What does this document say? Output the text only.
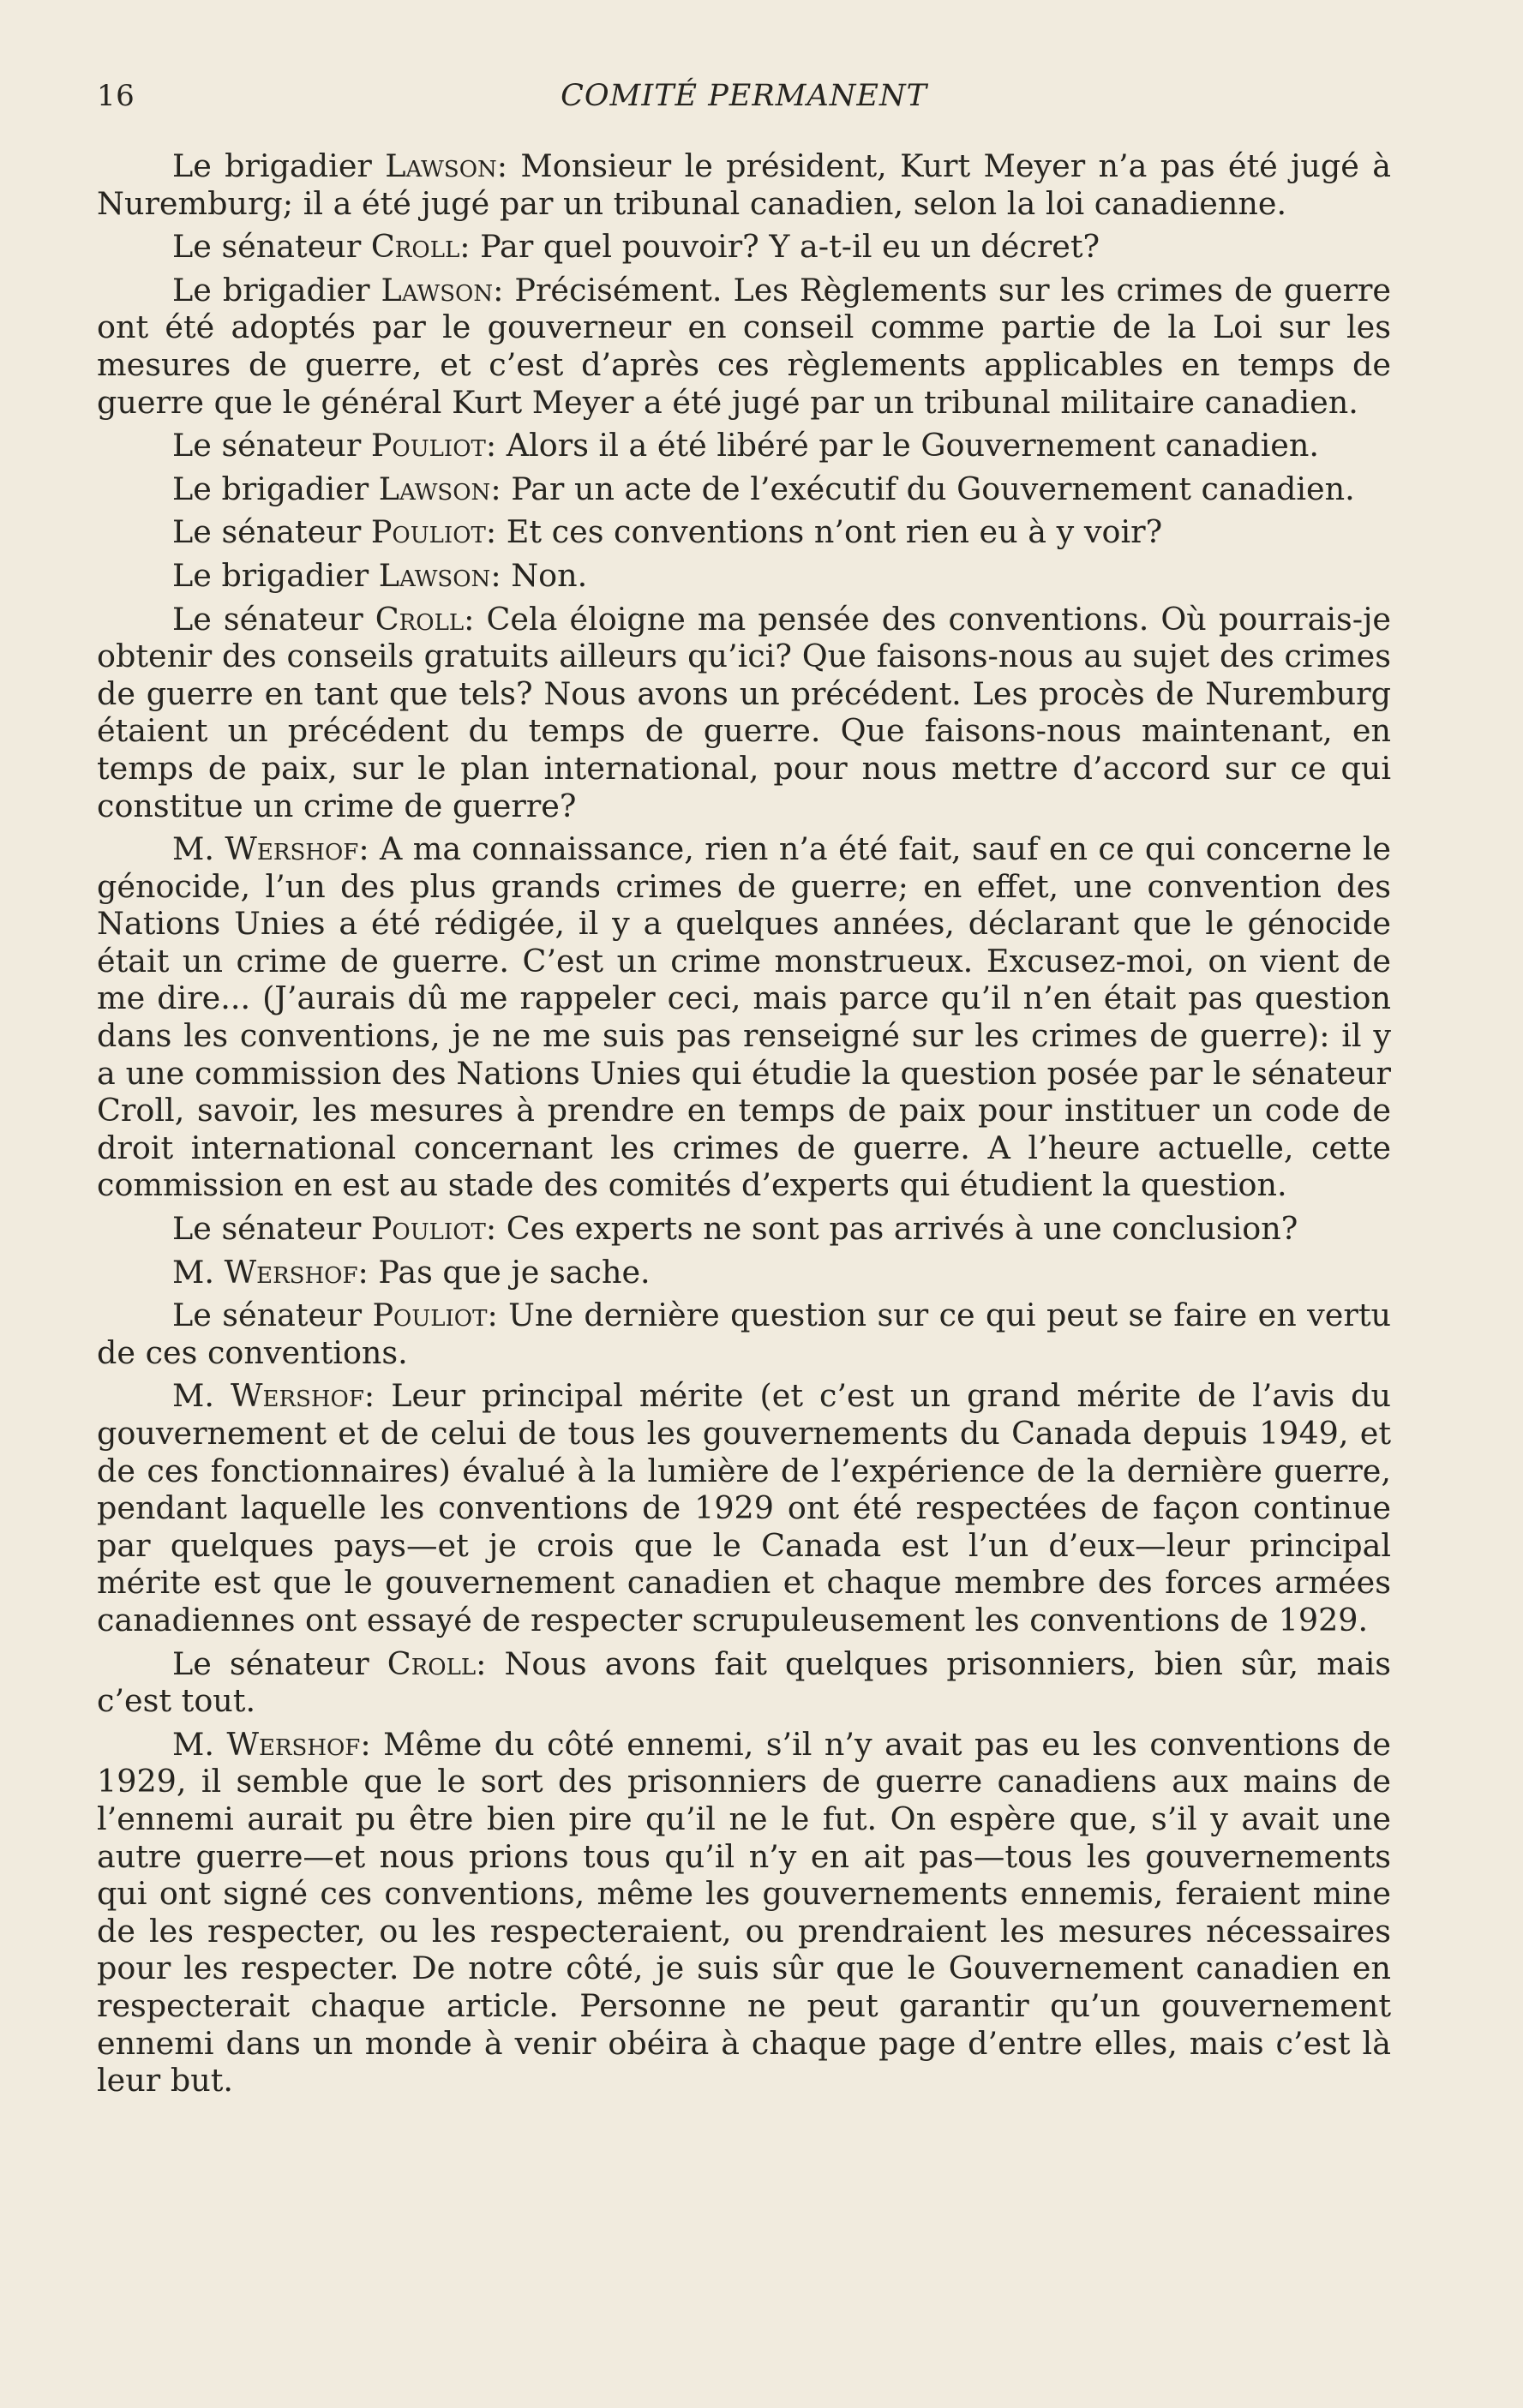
16	COMITÉ PERMANENT

Le brigadier Lawson: Monsieur le président, Kurt Meyer n’a pas été jugé à Nuremburg; il a été jugé par un tribunal canadien, selon la loi canadienne.

Le sénateur Croll: Par quel pouvoir? Y a-t-il eu un décret?

Le brigadier Lawson: Précisément. Les Règlements sur les crimes de guerre ont été adoptés par le gouverneur en conseil comme partie de la Loi sur les mesures de guerre, et c’est d’après ces règlements applicables en temps de guerre que le général Kurt Meyer a été jugé par un tribunal militaire canadien.

Le sénateur Pouliot: Alors il a été libéré par le Gouvernement canadien.

Le brigadier Lawson: Par un acte de l’exécutif du Gouvernement canadien.

Le sénateur Pouliot: Et ces conventions n’ont rien eu à y voir?

Le brigadier Lawson: Non.

Le sénateur Croll: Cela éloigne ma pensée des conventions. Où pourrais-je obtenir des conseils gratuits ailleurs qu’ici? Que faisons-nous au sujet des crimes de guerre en tant que tels? Nous avons un précédent. Les procès de Nuremburg étaient un précédent du temps de guerre. Que faisons-nous maintenant, en temps de paix, sur le plan international, pour nous mettre d’accord sur ce qui constitue un crime de guerre?

M. Wershof: A ma connaissance, rien n’a été fait, sauf en ce qui concerne le génocide, l’un des plus grands crimes de guerre; en effet, une convention des Nations Unies a été rédigée, il y a quelques années, déclarant que le génocide était un crime de guerre. C’est un crime monstrueux. Excusez-moi, on vient de me dire... (J’aurais dû me rappeler ceci, mais parce qu’il n’en était pas question dans les conventions, je ne me suis pas renseigné sur les crimes de guerre): il y a une commission des Nations Unies qui étudie la question posée par le sénateur Croll, savoir, les mesures à prendre en temps de paix pour instituer un code de droit international concernant les crimes de guerre. A l’heure actuelle, cette commission en est au stade des comités d’experts qui étudient la question.

Le sénateur Pouliot: Ces experts ne sont pas arrivés à une conclusion?

M. Wershof: Pas que je sache.

Le sénateur Pouliot: Une dernière question sur ce qui peut se faire en vertu de ces conventions.

M. Wershof: Leur principal mérite (et c’est un grand mérite de l’avis du gouvernement et de celui de tous les gouvernements du Canada depuis 1949, et de ces fonctionnaires) évalué à la lumière de l’expérience de la dernière guerre, pendant laquelle les conventions de 1929 ont été respectées de façon continue par quelques pays—et je crois que le Canada est l’un d’eux—leur principal mérite est que le gouvernement canadien et chaque membre des forces armées canadiennes ont essayé de respecter scrupuleusement les conventions de 1929.

Le sénateur Croll: Nous avons fait quelques prisonniers, bien sûr, mais c’est tout.

M. Wershof: Même du côté ennemi, s’il n’y avait pas eu les conventions de 1929, il semble que le sort des prisonniers de guerre canadiens aux mains de l’ennemi aurait pu être bien pire qu’il ne le fut. On espère que, s’il y avait une autre guerre—et nous prions tous qu’il n’y en ait pas—tous les gouvernements qui ont signé ces conventions, même les gouvernements ennemis, feraient mine de les respecter, ou les respecteraient, ou prendraient les mesures nécessaires pour les respecter. De notre côté, je suis sûr que le Gouvernement canadien en respecterait chaque article. Personne ne peut garantir qu’un gouvernement ennemi dans un monde à venir obéira à chaque page d’entre elles, mais c’est là leur but.
